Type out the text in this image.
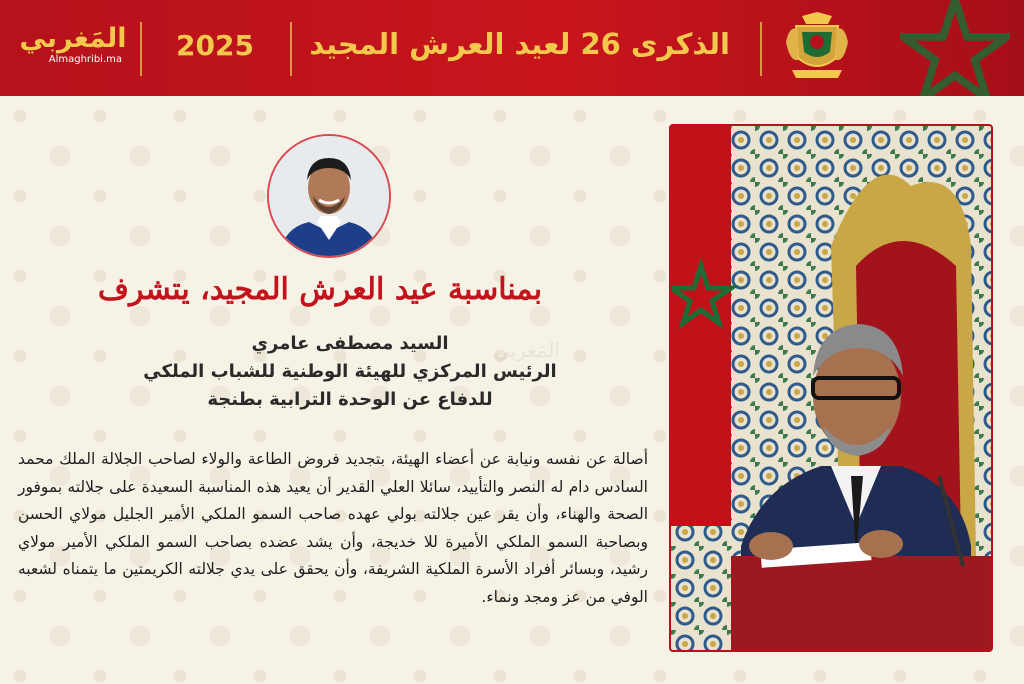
الذكرى 26 لعيد العرش المجيد
2025
المَغربي
Almaghribi.ma
بمناسبة عيد العرش المجيد، يتشرف
المَغربي
السيد مصطفى عامري
الرئيس المركزي للهيئة الوطنية للشباب الملكي
للدفاع عن الوحدة الترابية بطنجة
أصالة عن نفسه ونيابة عن أعضاء الهيئة، بتجديد فروض الطاعة والولاء لصاحب الجلالة الملك محمد السادس دام له النصر والتأييد، سائلا العلي القدير أن يعيد هذه المناسبة السعيدة على جلالته بموفور الصحة والهناء، وأن يقر عين جلالته بولي عهده صاحب السمو الملكي الأمير الجليل مولاي الحسن وبصاحبة السمو الملكي الأميرة للا خديجة، وأن يشد عضده بصاحب السمو الملكي الأمير مولاي رشيد، وبسائر أفراد الأسرة الملكية الشريفة، وأن يحقق على يدي جلالته الكريمتين ما يتمناه لشعبه الوفي من عز ومجد ونماء.
